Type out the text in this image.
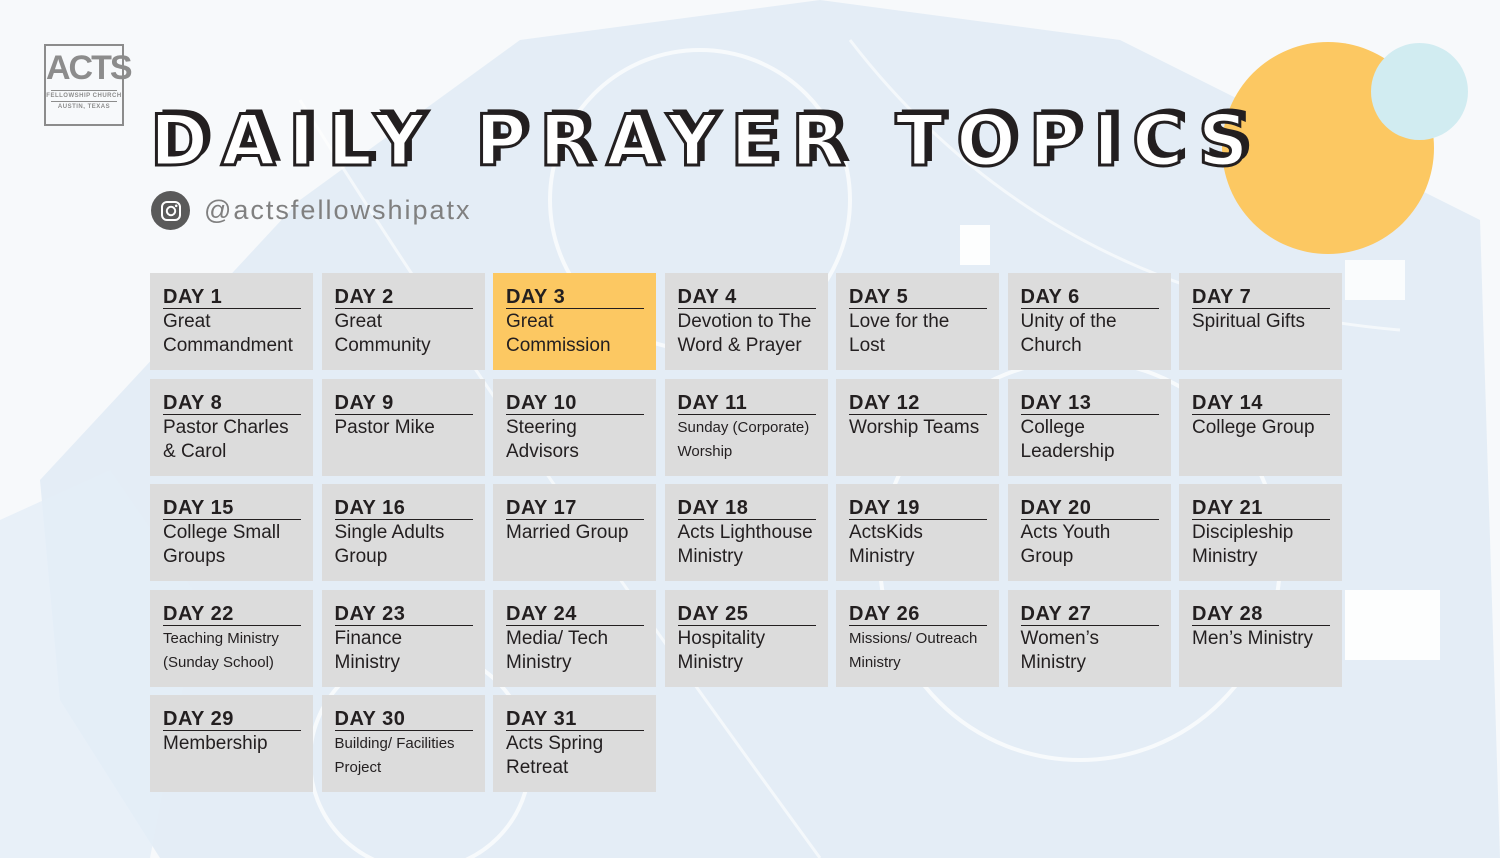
ACTS
FELLOWSHIP CHURCH
AUSTIN, TEXAS DAILY PRAYER TOPICS
@actsfellowshipatx
DAY 1
Great Commandment
DAY 2
Great Community
DAY 3
Great Commission
DAY 4
Devotion to The Word & Prayer
DAY 5
Love for the Lost
DAY 6
Unity of the Church
DAY 7
Spiritual Gifts
DAY 8
Pastor Charles & Carol
DAY 9
Pastor Mike
DAY 10
Steering Advisors
DAY 11
Sunday (Corporate) Worship
DAY 12
Worship Teams
DAY 13
College Leadership
DAY 14
College Group
DAY 15
College Small Groups
DAY 16
Single Adults Group
DAY 17
Married Group
DAY 18
Acts Lighthouse Ministry
DAY 19
ActsKids Ministry
DAY 20
Acts Youth Group
DAY 21
Discipleship Ministry
DAY 22
Teaching Ministry (Sunday School)
DAY 23
Finance Ministry
DAY 24
Media/ Tech Ministry
DAY 25
Hospitality Ministry
DAY 26
Missions/ Outreach Ministry
DAY 27
Women’s Ministry
DAY 28
Men’s Ministry
DAY 29
Membership
DAY 30
Building/ Facilities Project
DAY 31
Acts Spring Retreat
